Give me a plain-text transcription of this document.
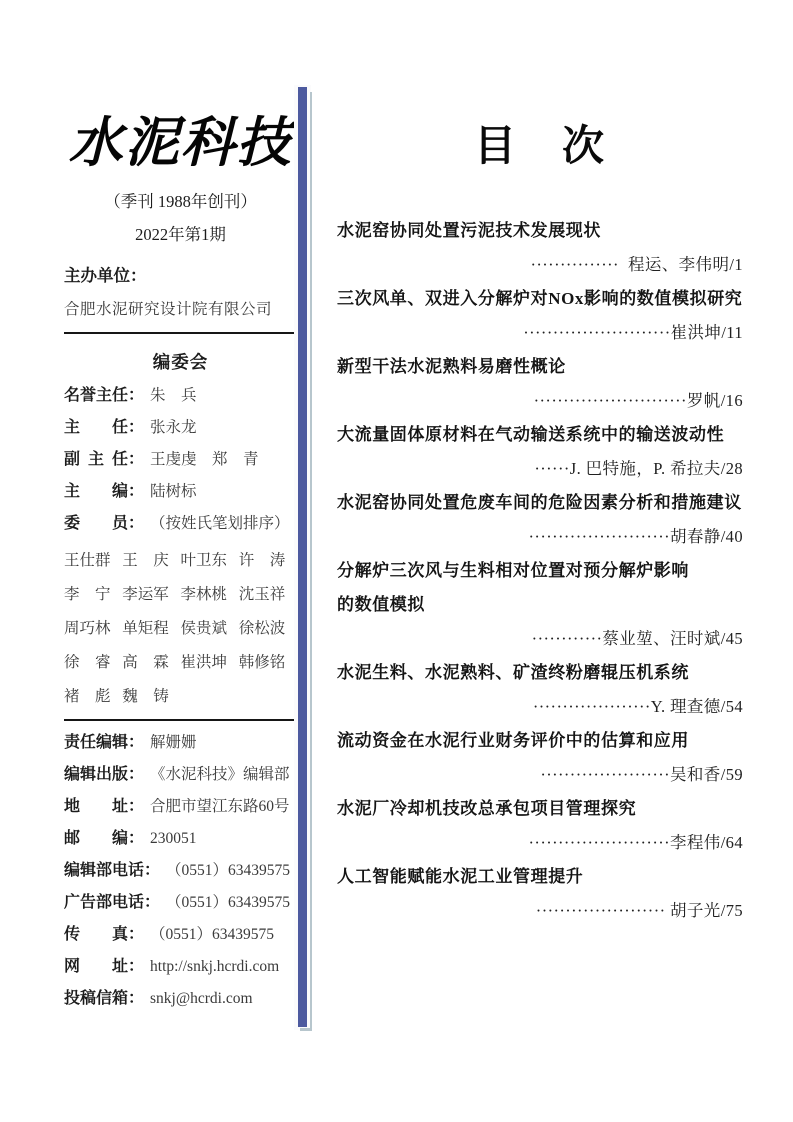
水泥科技
（季刊 1988年创刊）
2022年第1期
主办单位：
合肥水泥研究设计院有限公司
编委会
名誉主任： 朱　兵
主　　任： 张永龙
副 主 任： 王虔虔　郑　青
主　　编： 陆树标
委　　员： （按姓氏笔划排序）
王仕群 王　庆 叶卫东 许　涛
李　宁 李运军 李林桃 沈玉祥
周巧林 单矩程 侯贵斌 徐松波
徐　睿 高　霖 崔洪坤 韩修铭
褚　彪 魏　铸
责任编辑： 解姗姗
编辑出版： 《水泥科技》编辑部
地　　址： 合肥市望江东路60号
邮　　编： 230051
编辑部电话： （0551）63439575
广告部电话： （0551）63439575
传　　真： （0551）63439575
网　　址： http://snkj.hcrdi.com
投稿信箱： snkj@hcrdi.com
目　次
水泥窑协同处置污泥技术发展现状
···············  程运、李伟明/1
三次风单、双进入分解炉对NOx影响的数值模拟研究
·························崔洪坤/11
新型干法水泥熟料易磨性概论
··························罗帆/16
大流量固体原材料在气动输送系统中的输送波动性
······J. 巴特施，P. 希拉夫/28
水泥窑协同处置危废车间的危险因素分析和措施建议
························胡春静/40
分解炉三次风与生料相对位置对预分解炉影响
的数值模拟
············蔡业堃、汪时斌/45
水泥生料、水泥熟料、矿渣终粉磨辊压机系统
····················Y. 理查德/54
流动资金在水泥行业财务评价中的估算和应用
······················吴和香/59
水泥厂冷却机技改总承包项目管理探究
························李程伟/64
人工智能赋能水泥工业管理提升
······················ 胡子光/75
